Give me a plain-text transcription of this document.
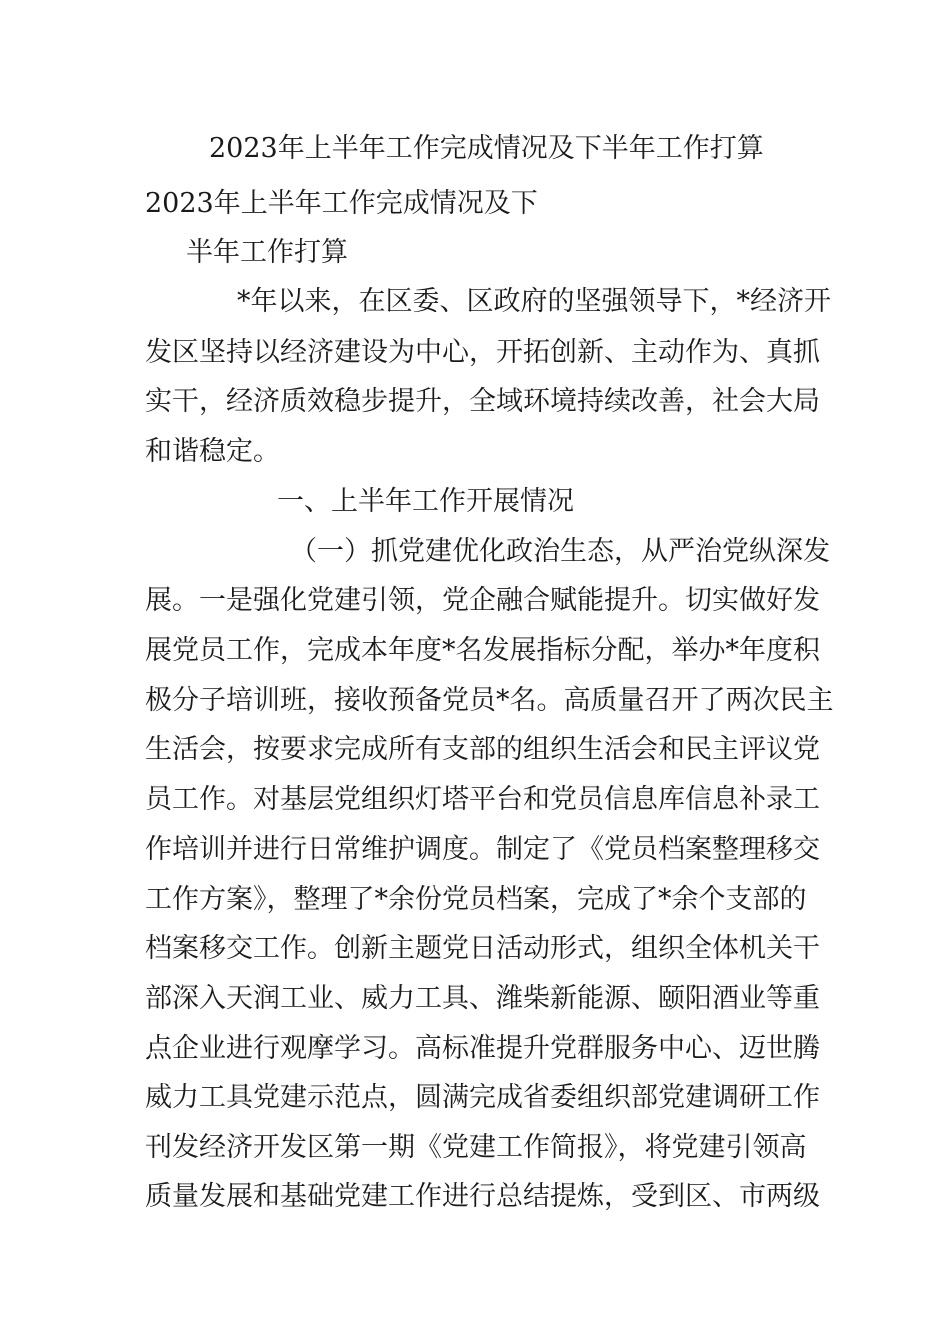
2023年上半年工作完成情况及下半年工作打算
2023年上半年工作完成情况及下
半年工作打算
*年以来，在区委、区政府的坚强领导下，*经济开
发区坚持以经济建设为中心，开拓创新、主动作为、真抓
实干，经济质效稳步提升，全域环境持续改善，社会大局
和谐稳定。
一、上半年工作开展情况
（一）抓党建优化政治生态，从严治党纵深发
展。一是强化党建引领，党企融合赋能提升。切实做好发
展党员工作，完成本年度*名发展指标分配，举办*年度积
极分子培训班，接收预备党员*名。高质量召开了两次民主
生活会，按要求完成所有支部的组织生活会和民主评议党
员工作。对基层党组织灯塔平台和党员信息库信息补录工
作培训并进行日常维护调度。制定了《党员档案整理移交
工作方案》，整理了*余份党员档案，完成了*余个支部的
档案移交工作。创新主题党日活动形式，组织全体机关干
部深入天润工业、威力工具、潍柴新能源、颐阳酒业等重
点企业进行观摩学习。高标准提升党群服务中心、迈世腾
威力工具党建示范点，圆满完成省委组织部党建调研工作
刊发经济开发区第一期《党建工作简报》，将党建引领高
质量发展和基础党建工作进行总结提炼，受到区、市两级
